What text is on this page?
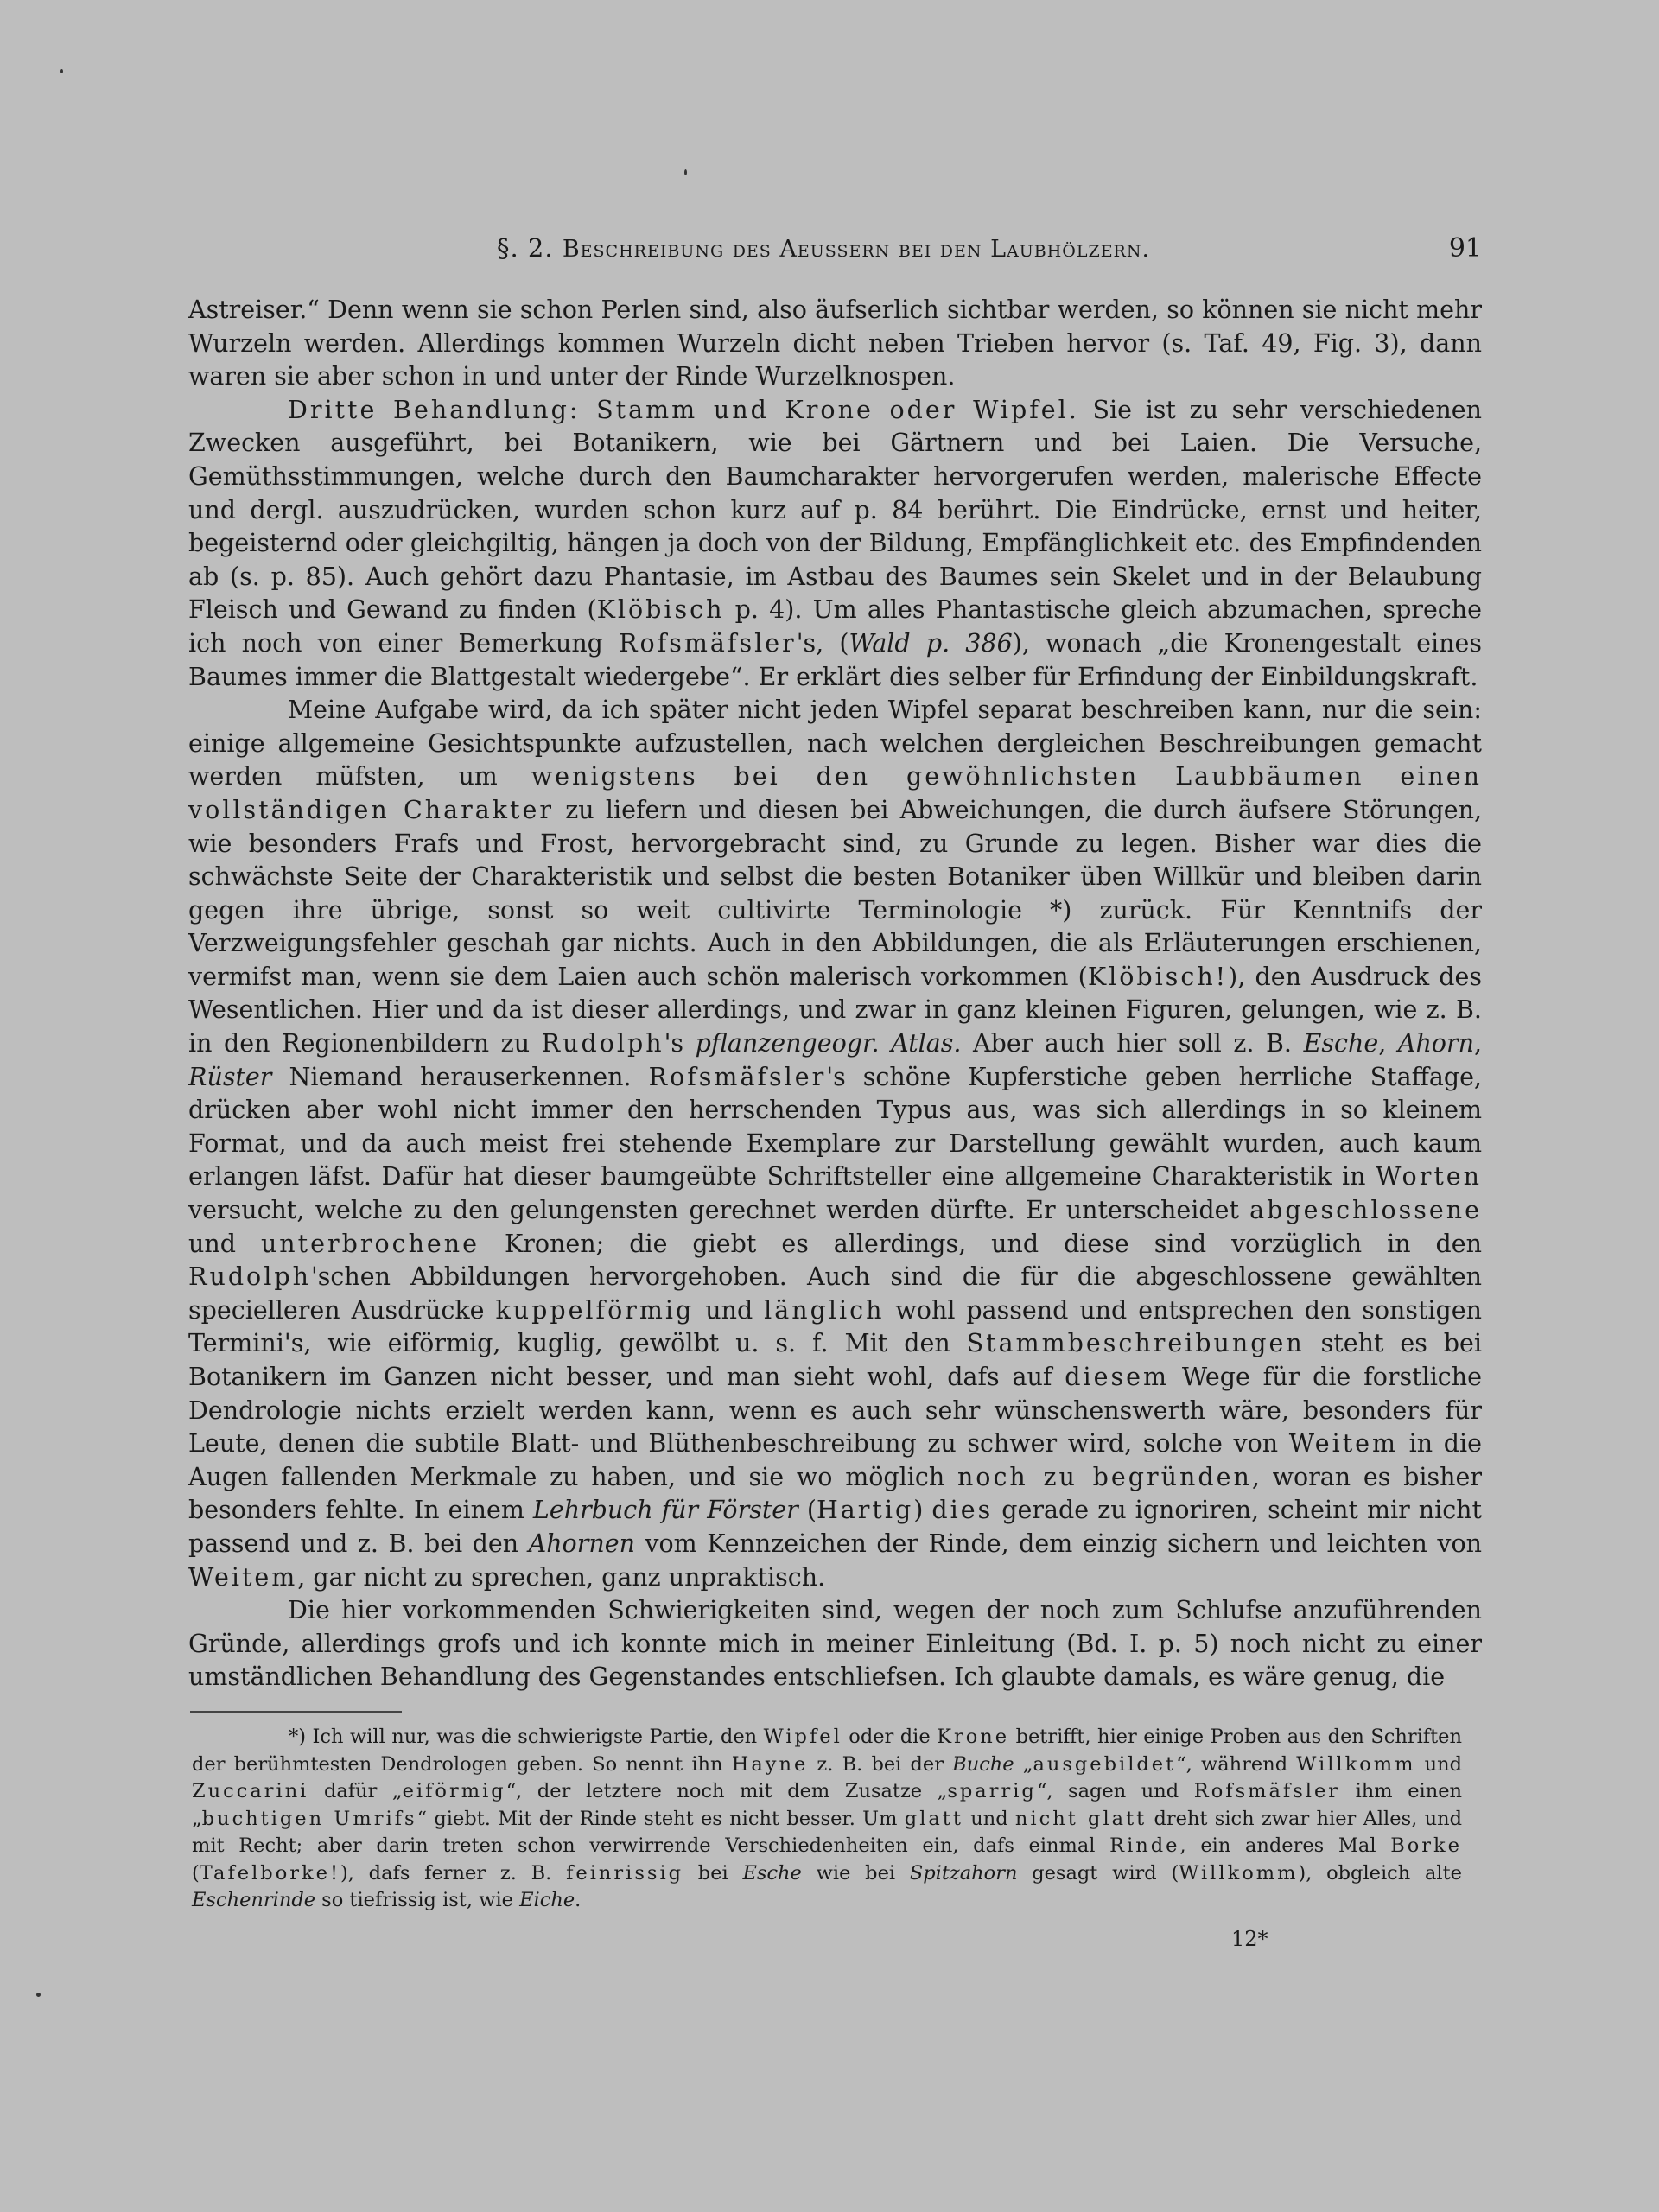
§. 2. Beschreibung des Aeussern bei den Laubhölzern.	91

Astreiser.“ Denn wenn sie schon Perlen sind, also äufserlich sichtbar werden, so können sie nicht mehr Wurzeln werden. Allerdings kommen Wurzeln dicht neben Trieben hervor (s. Taf. 49, Fig. 3), dann waren sie aber schon in und unter der Rinde Wurzelknospen.

Dritte Behandlung: Stamm und Krone oder Wipfel. Sie ist zu sehr verschiedenen Zwecken ausgeführt, bei Botanikern, wie bei Gärtnern und bei Laien. Die Versuche, Gemüthsstimmungen, welche durch den Baumcharakter hervorgerufen werden, malerische Effecte und dergl. auszudrücken, wurden schon kurz auf p. 84 berührt. Die Eindrücke, ernst und heiter, begeisternd oder gleichgiltig, hängen ja doch von der Bildung, Empfänglichkeit etc. des Empfindenden ab (s. p. 85). Auch gehört dazu Phantasie, im Astbau des Baumes sein Skelet und in der Belaubung Fleisch und Gewand zu finden (Klöbisch p. 4). Um alles Phantastische gleich abzumachen, spreche ich noch von einer Bemerkung Rofsmäfsler's, (Wald p. 386), wonach „die Kronengestalt eines Baumes immer die Blattgestalt wiedergebe“. Er erklärt dies selber für Erfindung der Einbildungskraft.

Meine Aufgabe wird, da ich später nicht jeden Wipfel separat beschreiben kann, nur die sein: einige allgemeine Gesichtspunkte aufzustellen, nach welchen dergleichen Beschreibungen gemacht werden müfsten, um wenigstens bei den gewöhnlichsten Laubbäumen einen vollständigen Charakter zu liefern und diesen bei Abweichungen, die durch äufsere Störungen, wie besonders Frafs und Frost, hervorgebracht sind, zu Grunde zu legen. Bisher war dies die schwächste Seite der Charakteristik und selbst die besten Botaniker üben Willkür und bleiben darin gegen ihre übrige, sonst so weit cultivirte Terminologie *) zurück. Für Kenntnifs der Verzweigungsfehler geschah gar nichts. Auch in den Abbildungen, die als Erläuterungen erschienen, vermifst man, wenn sie dem Laien auch schön malerisch vorkommen (Klöbisch!), den Ausdruck des Wesentlichen. Hier und da ist dieser allerdings, und zwar in ganz kleinen Figuren, gelungen, wie z. B. in den Regionenbildern zu Rudolph's pflanzengeogr. Atlas. Aber auch hier soll z. B. Esche, Ahorn, Rüster Niemand herauserkennen. Rofsmäfsler's schöne Kupferstiche geben herrliche Staffage, drücken aber wohl nicht immer den herrschenden Typus aus, was sich allerdings in so kleinem Format, und da auch meist frei stehende Exemplare zur Darstellung gewählt wurden, auch kaum erlangen läfst. Dafür hat dieser baumgeübte Schriftsteller eine allgemeine Charakteristik in Worten versucht, welche zu den gelungensten gerechnet werden dürfte. Er unterscheidet abgeschlossene und unterbrochene Kronen; die giebt es allerdings, und diese sind vorzüglich in den Rudolph'schen Abbildungen hervorgehoben. Auch sind die für die abgeschlossene gewählten specielleren Ausdrücke kuppelförmig und länglich wohl passend und entsprechen den sonstigen Termini's, wie eiförmig, kuglig, gewölbt u. s. f. Mit den Stammbeschreibungen steht es bei Botanikern im Ganzen nicht besser, und man sieht wohl, dafs auf diesem Wege für die forstliche Dendrologie nichts erzielt werden kann, wenn es auch sehr wünschenswerth wäre, besonders für Leute, denen die subtile Blatt- und Blüthenbeschreibung zu schwer wird, solche von Weitem in die Augen fallenden Merkmale zu haben, und sie wo möglich noch zu begründen, woran es bisher besonders fehlte. In einem Lehrbuch für Förster (Hartig) dies gerade zu ignoriren, scheint mir nicht passend und z. B. bei den Ahornen vom Kennzeichen der Rinde, dem einzig sichern und leichten von Weitem, gar nicht zu sprechen, ganz unpraktisch.

Die hier vorkommenden Schwierigkeiten sind, wegen der noch zum Schlufse anzuführenden Gründe, allerdings grofs und ich konnte mich in meiner Einleitung (Bd. I. p. 5) noch nicht zu einer umständlichen Behandlung des Gegenstandes entschliefsen. Ich glaubte damals, es wäre genug, die

*) Ich will nur, was die schwierigste Partie, den Wipfel oder die Krone betrifft, hier einige Proben aus den Schriften der berühmtesten Dendrologen geben. So nennt ihn Hayne z. B. bei der Buche „ausgebildet“, während Willkomm und Zuccarini dafür „eiförmig“, der letztere noch mit dem Zusatze „sparrig“, sagen und Rofsmäfsler ihm einen „buchtigen Umrifs“ giebt. Mit der Rinde steht es nicht besser. Um glatt und nicht glatt dreht sich zwar hier Alles, und mit Recht; aber darin treten schon verwirrende Verschiedenheiten ein, dafs einmal Rinde, ein anderes Mal Borke (Tafelborke!), dafs ferner z. B. feinrissig bei Esche wie bei Spitzahorn gesagt wird (Willkomm), obgleich alte Eschenrinde so tiefrissig ist, wie Eiche.
12*
